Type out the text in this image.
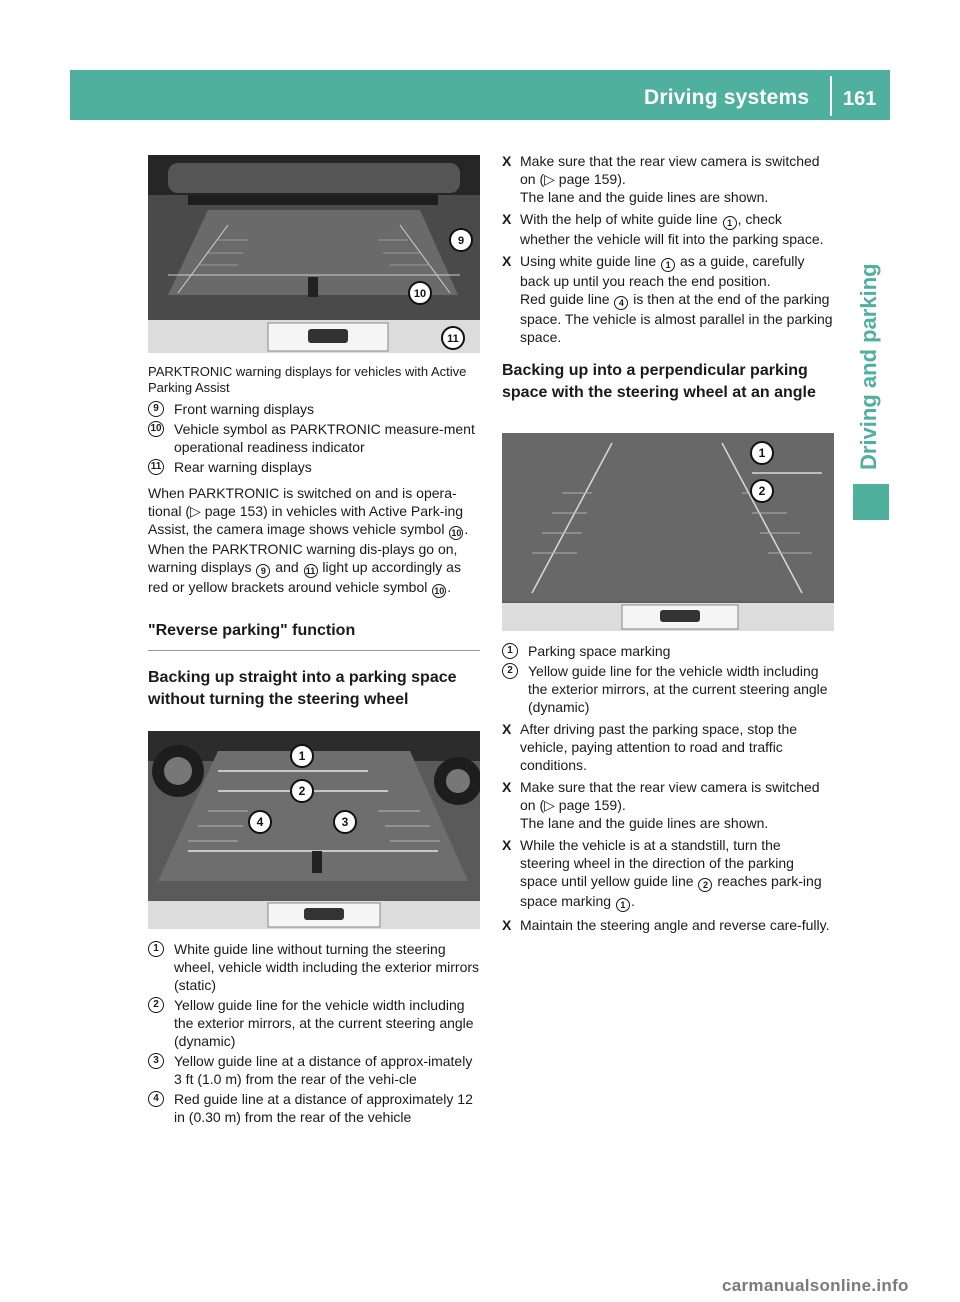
Driving systems 161
Driving and parking
9
10
11
PARKTRONIC warning displays for vehicles with Active Parking Assist
9	Front warning displays
10 Vehicle symbol as PARKTRONIC measure-ment operational readiness indicator
11 Rear warning displays
When PARKTRONIC is switched on and is opera-tional (▷ page 153) in vehicles with Active Park-ing Assist, the camera image shows vehicle symbol 10 . When the PARKTRONIC warning dis-plays go on, warning displays 9 and 11 light up accordingly as red or yellow brackets around vehicle symbol 10 .
"Reverse parking" function
Backing up straight into a parking space without turning the steering wheel
1
2
3
4
1	White guide line without turning the steering wheel, vehicle width including the exterior mirrors (static)
2	Yellow guide line for the vehicle width including the exterior mirrors, at the current steering angle (dynamic)
3	Yellow guide line at a distance of approx-imately 3 ft (1.0 m) from the rear of the vehi-cle
4	Red guide line at a distance of approximately 12 in (0.30 m) from the rear of the vehicle
X Make sure that the rear view camera is switched on (▷ page 159).
The lane and the guide lines are shown.
X With the help of white guide line 1 , check whether the vehicle will fit into the parking space.
X Using white guide line 1 as a guide, carefully back up until you reach the end position.
Red guide line 4 is then at the end of the parking space. The vehicle is almost parallel in the parking space.
Backing up into a perpendicular parking space with the steering wheel at an angle
1
2
1	Parking space marking
2	Yellow guide line for the vehicle width including the exterior mirrors, at the current steering angle (dynamic)
X After driving past the parking space, stop the vehicle, paying attention to road and traffic conditions.
X Make sure that the rear view camera is switched on (▷ page 159).
The lane and the guide lines are shown.
X While the vehicle is at a standstill, turn the steering wheel in the direction of the parking space until yellow guide line 2 reaches park-ing space marking 1 .
X Maintain the steering angle and reverse care-fully.
carmanualsonline.info
